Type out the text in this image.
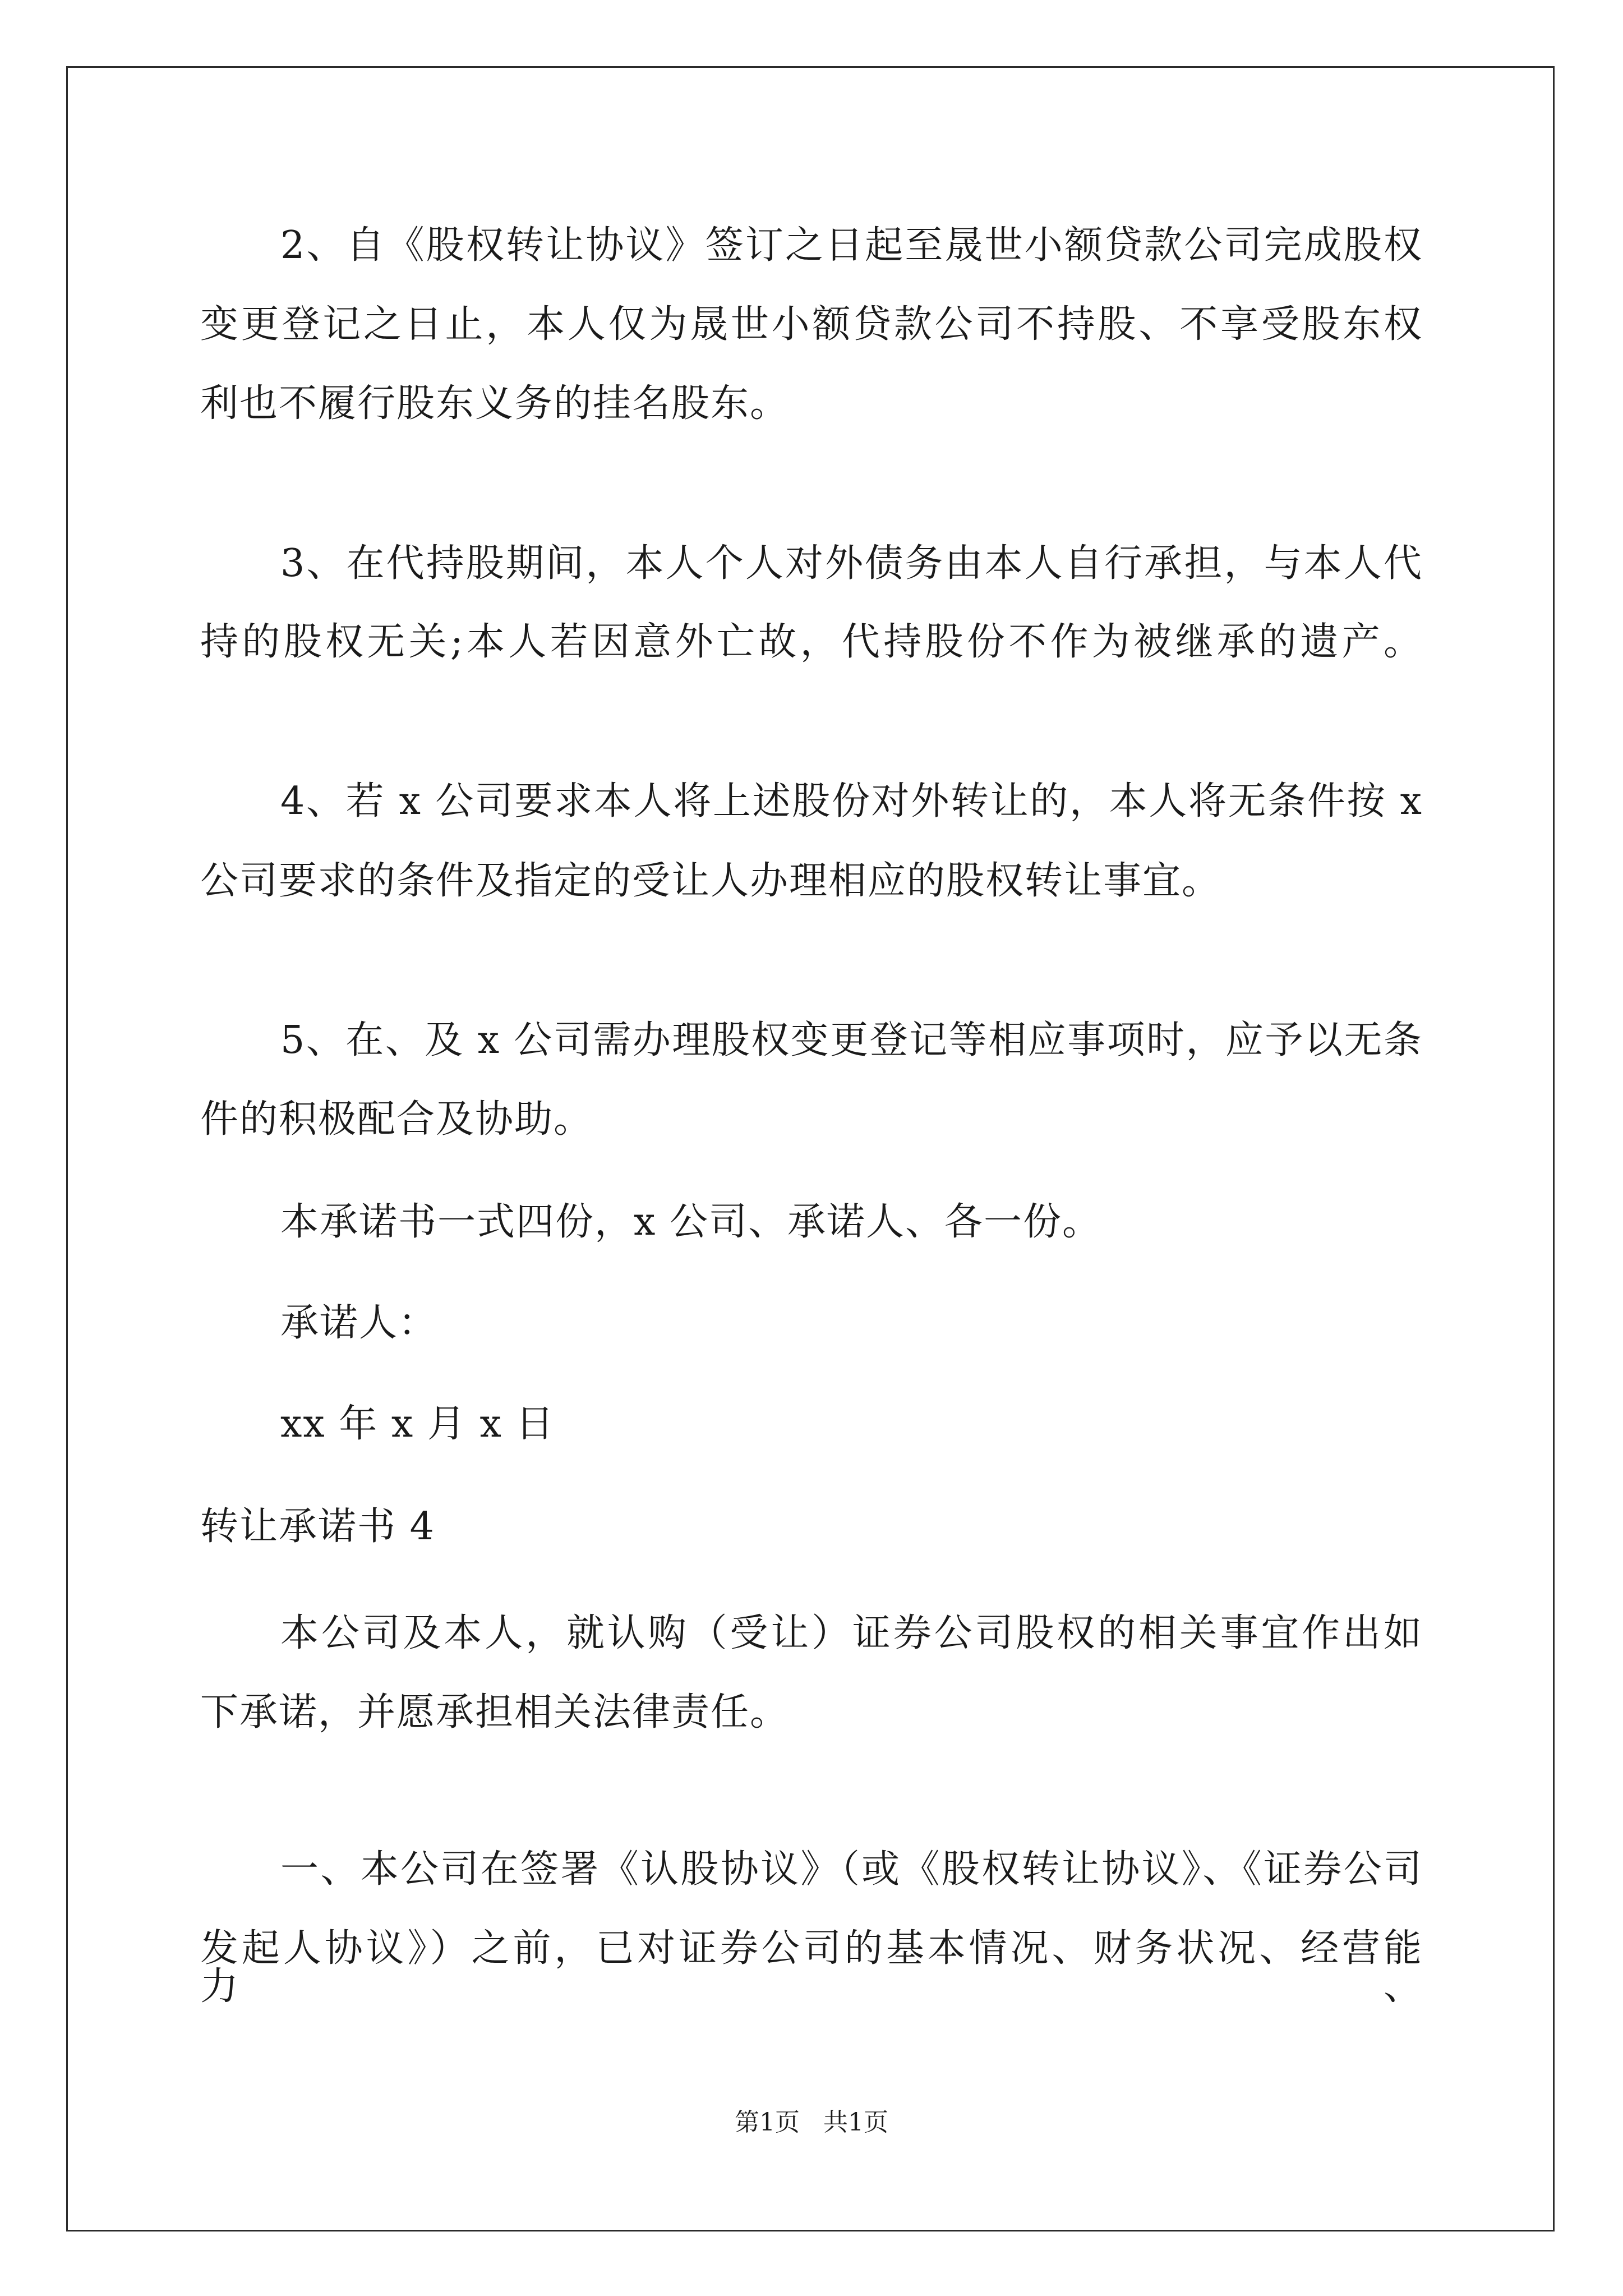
2、自《股权转让协议》签订之日起至晟世小额贷款公司完成股权
变更登记之日止，本人仅为晟世小额贷款公司不持股、不享受股东权
利也不履行股东义务的挂名股东。
3、在代持股期间，本人个人对外债务由本人自行承担，与本人代
持的股权无关;本人若因意外亡故，代持股份不作为被继承的遗产。
4、若 x 公司要求本人将上述股份对外转让的，本人将无条件按 x
公司要求的条件及指定的受让人办理相应的股权转让事宜。
5、在、及 x 公司需办理股权变更登记等相应事项时，应予以无条
件的积极配合及协助。
本承诺书一式四份，x 公司、承诺人、各一份。
承诺人：
xx 年 x 月 x 日
转让承诺书 4
本公司及本人，就认购（受让）证券公司股权的相关事宜作出如
下承诺，并愿承担相关法律责任。
一、本公司在签署《认股协议》（或《股权转让协议》、《证券公司
发起人协议》）之前，已对证券公司的基本情况、财务状况、经营能力、
第1页   共1页
